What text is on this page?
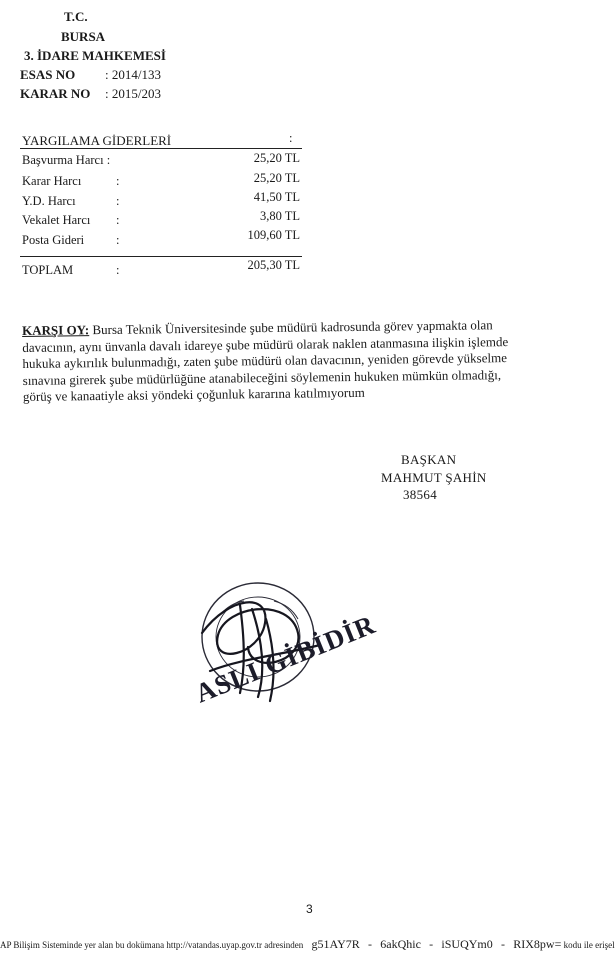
T.C.
BURSA
3. İDARE MAHKEMESİ
ESAS NO : 2014/133
KARAR NO : 2015/203
YARGILAMA GİDERLERİ	:
Başvurma Harcı :	25,20 TL
Karar Harcı	:	25,20 TL
Y.D. Harcı	:	41,50 TL
Vekalet Harcı :	3,80 TL
Posta Gideri	:	109,60 TL
TOPLAM	:	205,30 TL
KARŞI OY: Bursa Teknik Üniversitesinde şube müdürü kadrosunda görev yapmakta olan
davacının, aynı ünvanla davalı idareye şube müdürü olarak naklen atanmasına ilişkin işlemde
hukuka aykırılık bulunmadığı, zaten şube müdürü olan davacının, yeniden görevde yükselme
sınavına girerek şube müdürlüğüne atanabileceğini söylemenin hukuken mümkün olmadığı,
görüş ve kanaatiyle aksi yöndeki çoğunluk kararına katılmıyorum
BAŞKAN
MAHMUT ŞAHİN
38564
ASLI GİBİDİR
3
AP Bilişim Sisteminde yer alan bu dokümana http://vatandas.uyap.gov.tr adresinden g51AY7R - 6akQhic - iSUQYm0 - RIX8pw= kodu ile erişel
